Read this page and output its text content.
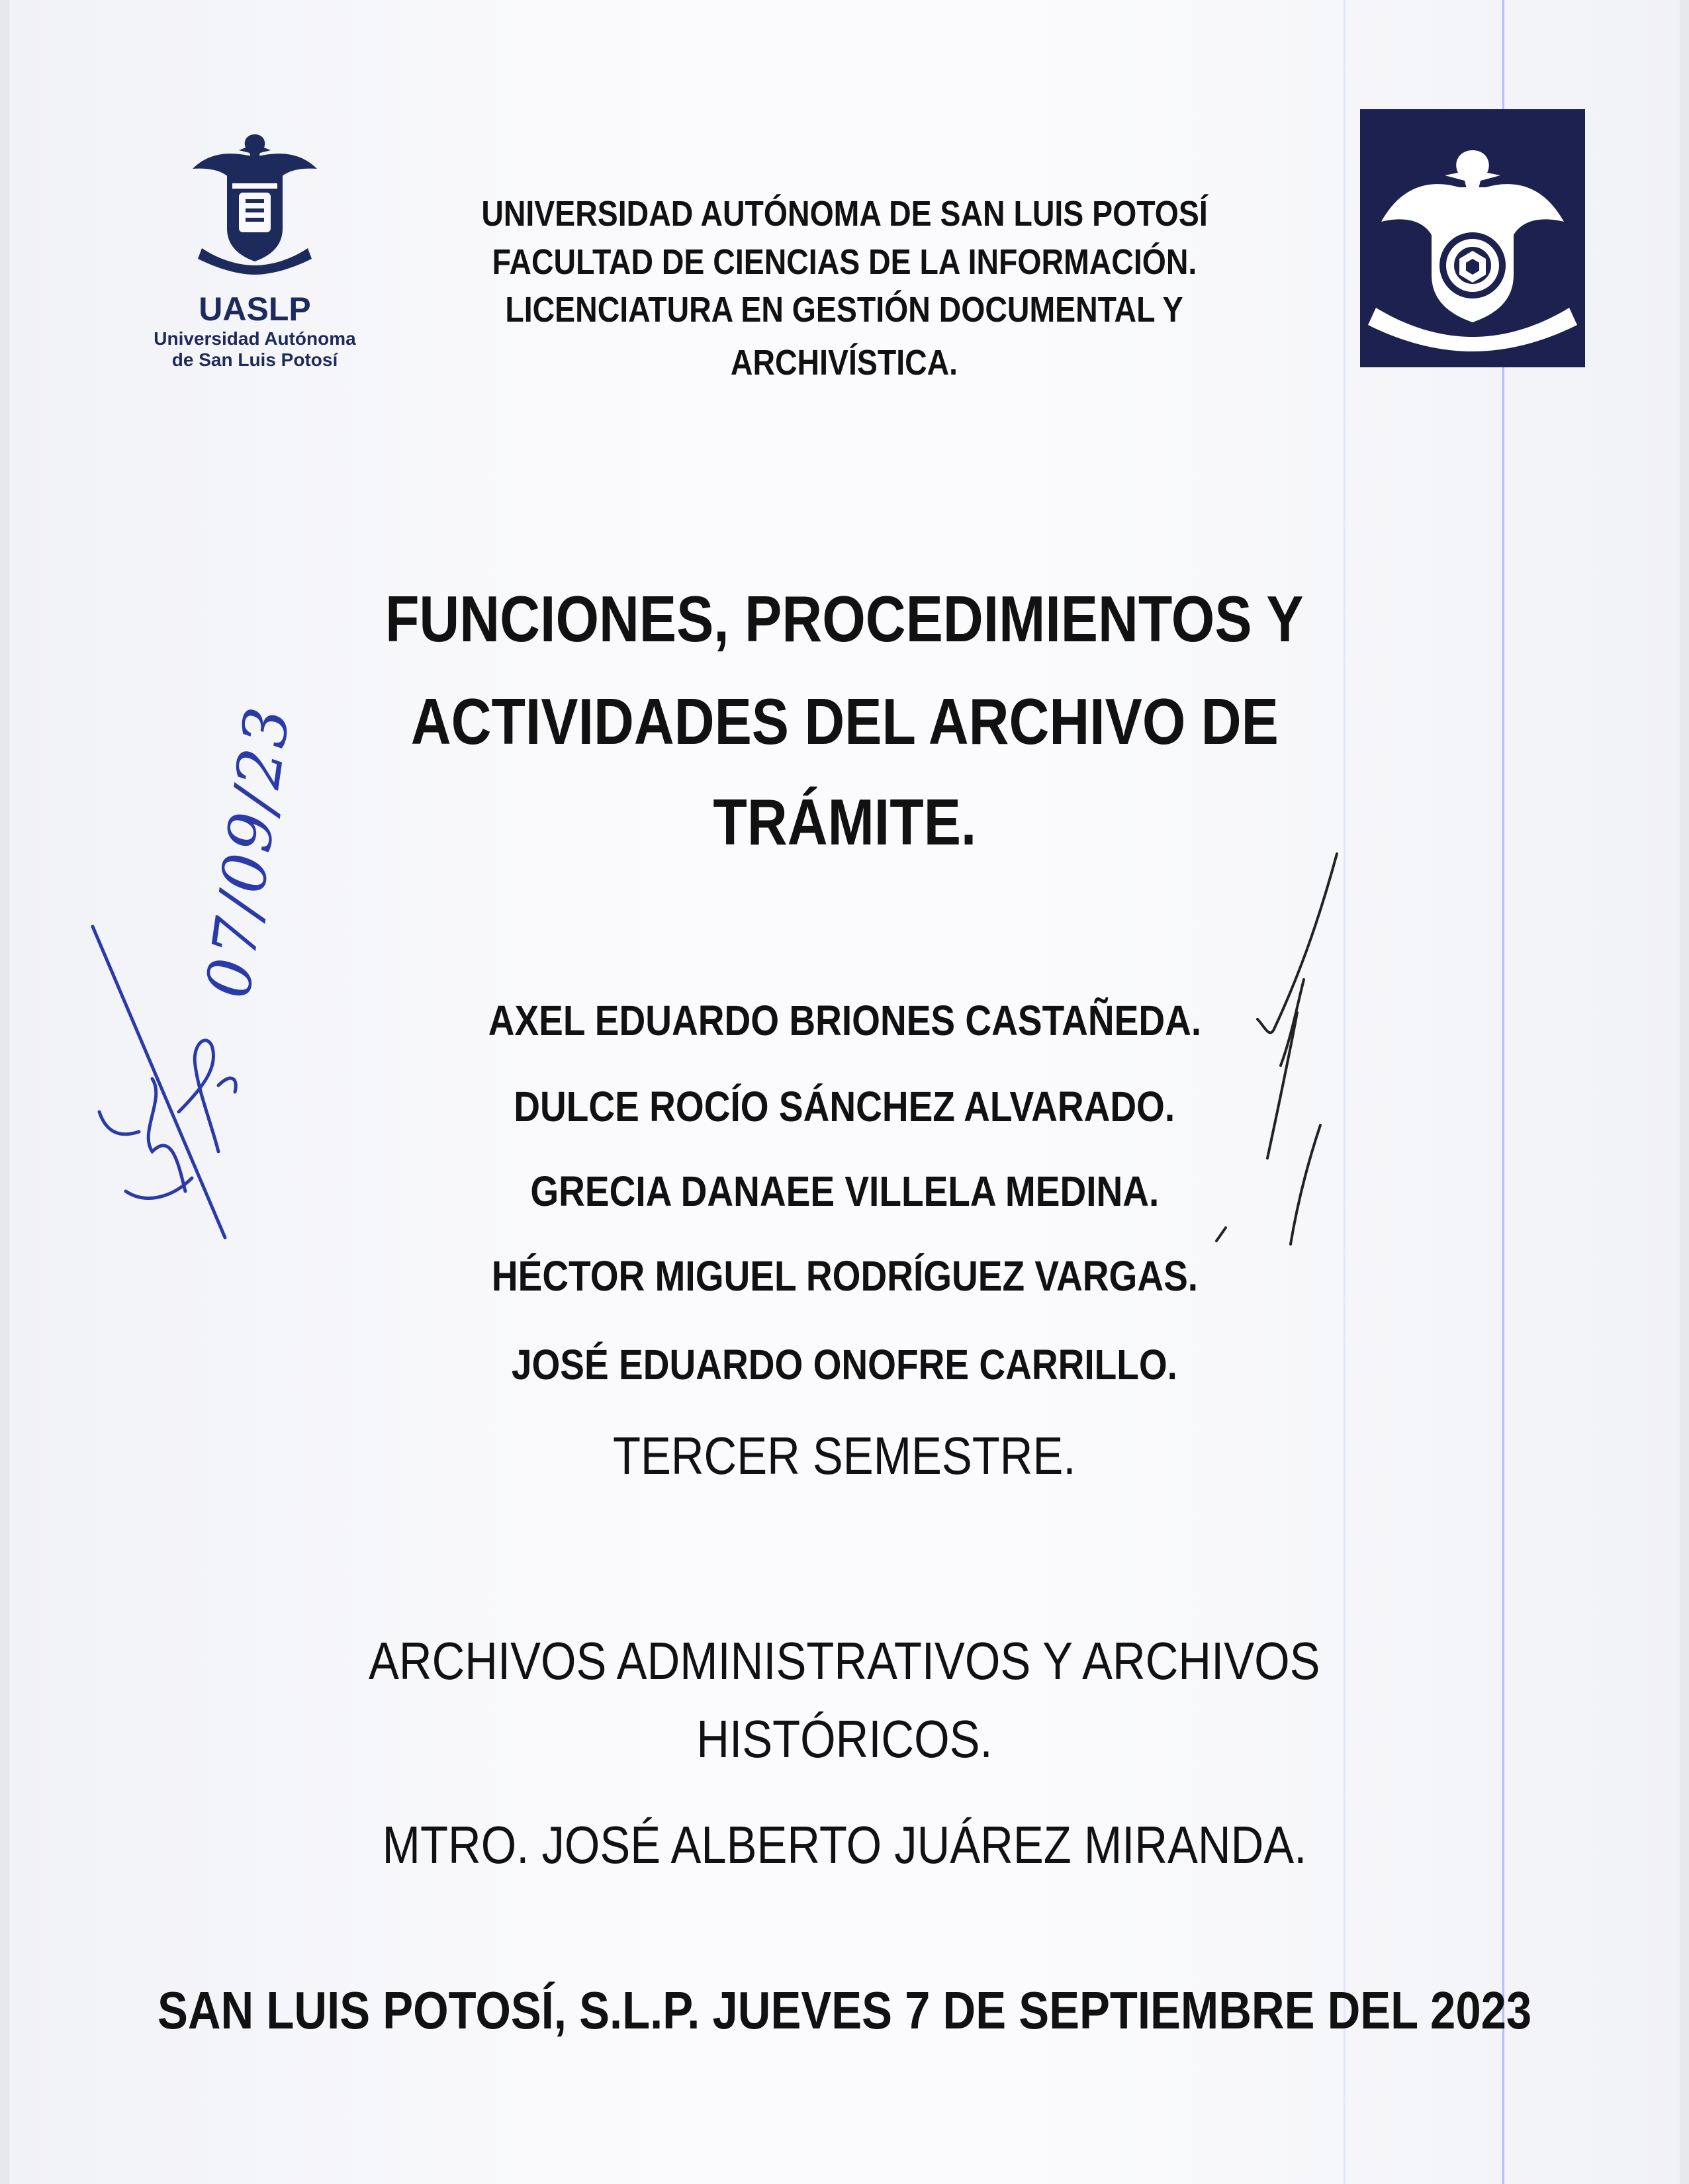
UASLP
Universidad Autónoma
de San Luis Potosí
UNIVERSIDAD AUTÓNOMA DE SAN LUIS POTOSÍ
FACULTAD DE CIENCIAS DE LA INFORMACIÓN.
LICENCIATURA EN GESTIÓN DOCUMENTAL Y
ARCHIVÍSTICA.
FUNCIONES, PROCEDIMIENTOS Y
ACTIVIDADES DEL ARCHIVO DE
TRÁMITE.
AXEL EDUARDO BRIONES CASTAÑEDA.
DULCE ROCÍO SÁNCHEZ ALVARADO.
GRECIA DANAEE VILLELA MEDINA.
HÉCTOR MIGUEL RODRÍGUEZ VARGAS.
JOSÉ EDUARDO ONOFRE CARRILLO.
TERCER SEMESTRE.
ARCHIVOS ADMINISTRATIVOS Y ARCHIVOS
HISTÓRICOS.
MTRO. JOSÉ ALBERTO JUÁREZ MIRANDA.
SAN LUIS POTOSÍ, S.L.P. JUEVES 7 DE SEPTIEMBRE DEL 2023
07/09/23
